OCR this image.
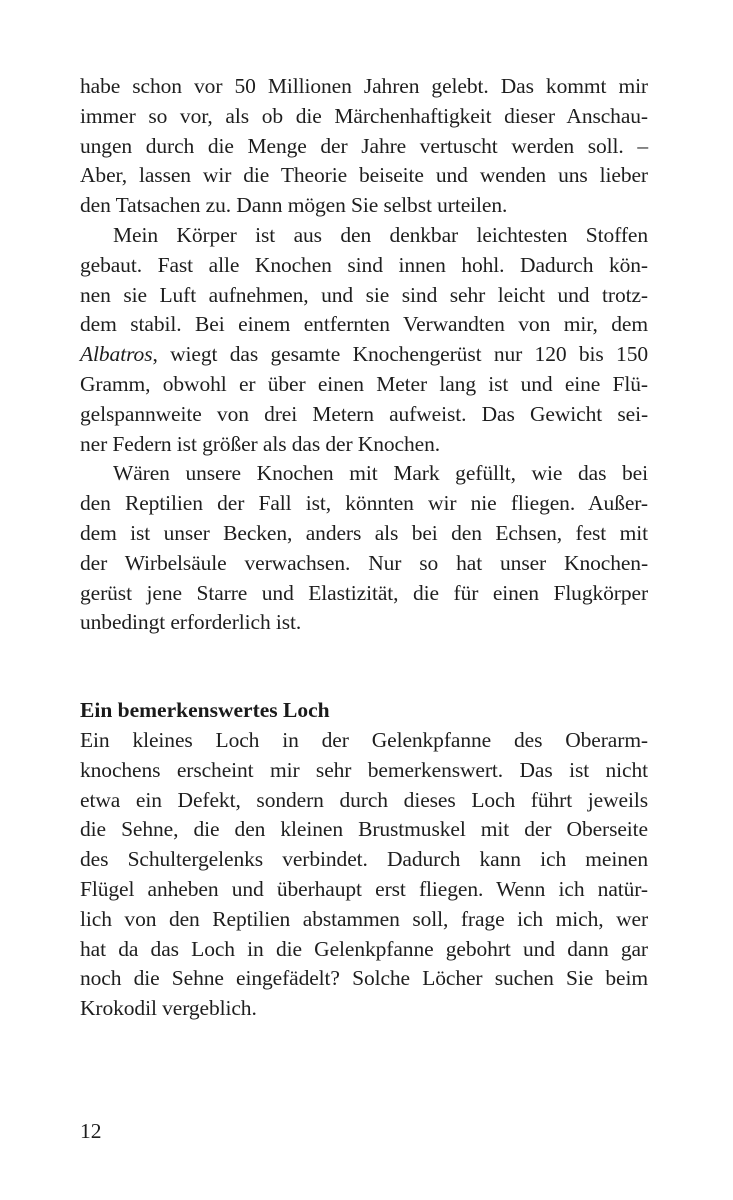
habe schon vor 50 Millionen Jahren gelebt. Das kommt mir
immer so vor, als ob die Märchenhaftigkeit dieser Anschau-
ungen durch die Menge der Jahre vertuscht werden soll. –
Aber, lassen wir die Theorie beiseite und wenden uns lieber
den Tatsachen zu. Dann mögen Sie selbst urteilen.
Mein Körper ist aus den denkbar leichtesten Stoffen
gebaut. Fast alle Knochen sind innen hohl. Dadurch kön-
nen sie Luft aufnehmen, und sie sind sehr leicht und trotz-
dem stabil. Bei einem entfernten Verwandten von mir, dem
Albatros, wiegt das gesamte Knochengerüst nur 120 bis 150
Gramm, obwohl er über einen Meter lang ist und eine Flü-
gelspannweite von drei Metern aufweist. Das Gewicht sei-
ner Federn ist größer als das der Knochen.
Wären unsere Knochen mit Mark gefüllt, wie das bei
den Reptilien der Fall ist, könnten wir nie fliegen. Außer-
dem ist unser Becken, anders als bei den Echsen, fest mit
der Wirbelsäule verwachsen. Nur so hat unser Knochen-
gerüst jene Starre und Elastizität, die für einen Flugkörper
unbedingt erforderlich ist.
Ein bemerkenswertes Loch
Ein kleines Loch in der Gelenkpfanne des Oberarm-
knochens erscheint mir sehr bemerkenswert. Das ist nicht
etwa ein Defekt, sondern durch dieses Loch führt jeweils
die Sehne, die den kleinen Brustmuskel mit der Oberseite
des Schultergelenks verbindet. Dadurch kann ich meinen
Flügel anheben und überhaupt erst fliegen. Wenn ich natür-
lich von den Reptilien abstammen soll, frage ich mich, wer
hat da das Loch in die Gelenkpfanne gebohrt und dann gar
noch die Sehne eingefädelt? Solche Löcher suchen Sie beim
Krokodil vergeblich.
12
